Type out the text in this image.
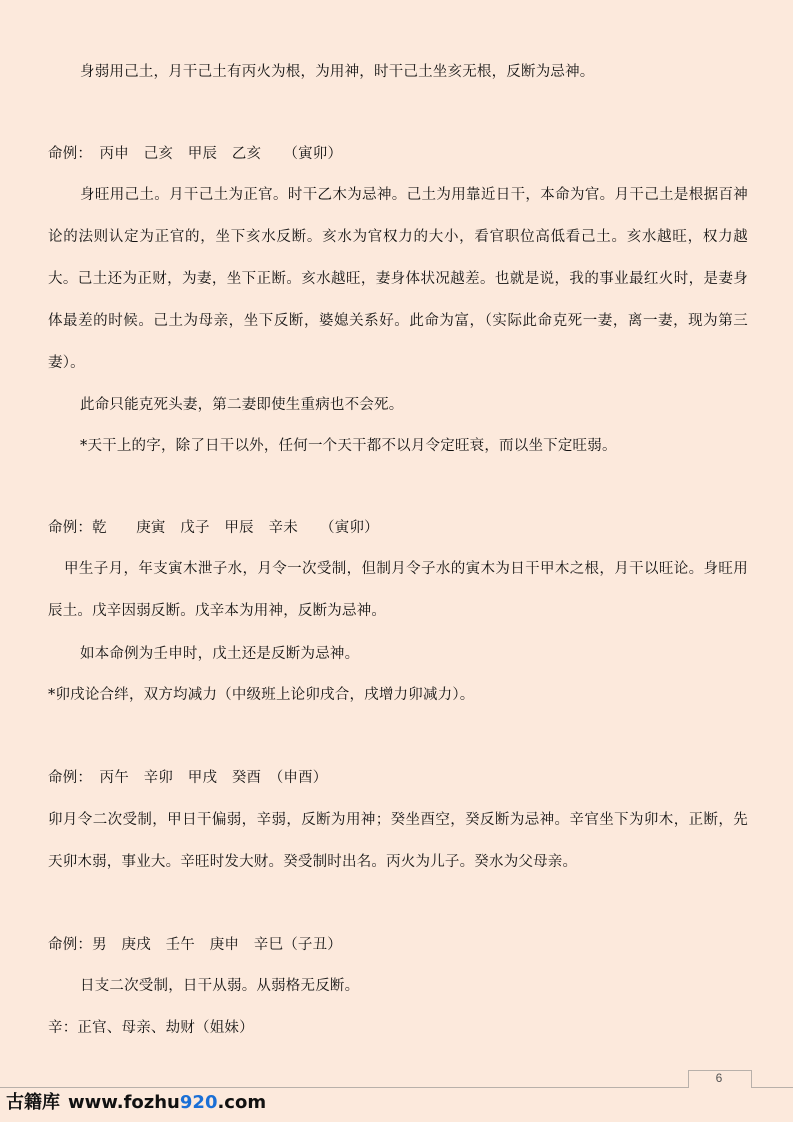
身弱用己土，月干己土有丙火为根，为用神，时干己土坐亥无根，反断为忌神。
命例：　丙申　己亥　甲辰　乙亥　　（寅卯）
身旺用己土。月干己土为正官。时干乙木为忌神。己土为用靠近日干，本命为官。月干己土是根据百神论的法则认定为正官的，坐下亥水反断。亥水为官权力的大小，看官职位高低看己土。亥水越旺，权力越大。己土还为正财，为妻，坐下正断。亥水越旺，妻身体状况越差。也就是说，我的事业最红火时，是妻身体最差的时候。己土为母亲，坐下反断，婆媳关系好。此命为富，（实际此命克死一妻，离一妻，现为第三妻）。
此命只能克死头妻，第二妻即使生重病也不会死。
*天干上的字，除了日干以外，任何一个天干都不以月令定旺衰，而以坐下定旺弱。
命例：乾　　庚寅　戊子　甲辰　辛未　　（寅卯）
甲生子月，年支寅木泄子水，月令一次受制，但制月令子水的寅木为日干甲木之根，月干以旺论。身旺用辰土。戊辛因弱反断。戊辛本为用神，反断为忌神。
如本命例为壬申时，戊土还是反断为忌神。
*卯戌论合绊，双方均减力（中级班上论卯戌合，戌增力卯减力）。
命例：　丙午　辛卯　甲戌　癸酉　（申酉）
卯月令二次受制，甲日干偏弱，辛弱，反断为用神；癸坐酉空，癸反断为忌神。辛官坐下为卯木，正断，先天卯木弱，事业大。辛旺时发大财。癸受制时出名。丙火为儿子。癸水为父母亲。
命例：男　庚戌　壬午　庚申　辛巳（子丑）
日支二次受制，日干从弱。从弱格无反断。
辛：正官、母亲、劫财（姐妹）
6
古籍库 www.fozhu920.com
